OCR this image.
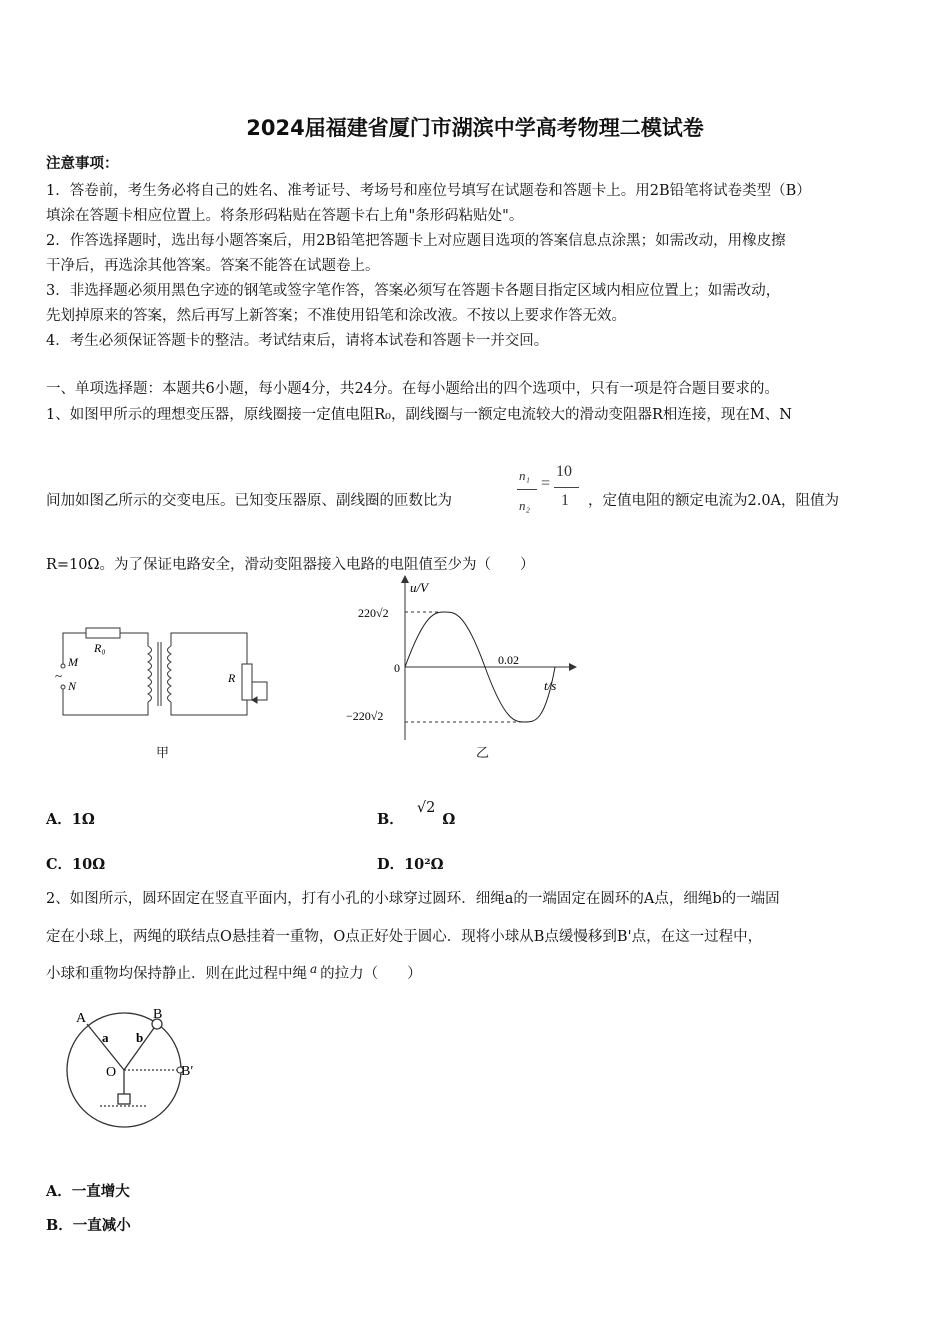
2024届福建省厦门市湖滨中学高考物理二模试卷
注意事项：
1．答卷前，考生务必将自己的姓名、准考证号、考场号和座位号填写在试题卷和答题卡上。用2B铅笔将试卷类型（B）
填涂在答题卡相应位置上。将条形码粘贴在答题卡右上角"条形码粘贴处"。
2．作答选择题时，选出每小题答案后，用2B铅笔把答题卡上对应题目选项的答案信息点涂黑；如需改动，用橡皮擦
干净后，再选涂其他答案。答案不能答在试题卷上。
3．非选择题必须用黑色字迹的钢笔或签字笔作答，答案必须写在答题卡各题目指定区域内相应位置上；如需改动，
先划掉原来的答案，然后再写上新答案；不准使用铅笔和涂改液。不按以上要求作答无效。
4．考生必须保证答题卡的整洁。考试结束后，请将本试卷和答题卡一并交回。
一、单项选择题：本题共6小题，每小题4分，共24分。在每小题给出的四个选项中，只有一项是符合题目要求的。
1、如图甲所示的理想变压器，原线圈接一定值电阻R₀，副线圈与一额定电流较大的滑动变阻器R相连接，现在M、N
间加如图乙所示的交变电压。已知变压器原、副线圈的匝数比为
n₁
n₂
=
10
1 ，定值电阻的额定电流为2.0A，阻值为
R=10Ω。为了保证电路安全，滑动变阻器接入电路的电阻值至少为（　　）
R₀
M
N
~	R
甲
u/V
t/s
220√2
−220√2
0
0.02
乙
A．1Ω	B． √2 Ω
C．10Ω	D．10²Ω
2、如图所示，圆环固定在竖直平面内，打有小孔的小球穿过圆环．细绳a的一端固定在圆环的A点，细绳b的一端固
定在小球上，两绳的联结点O悬挂着一重物，O点正好处于圆心．现将小球从B点缓慢移到B'点，在这一过程中，
小球和重物均保持静止．则在此过程中绳 $^a$ 的拉力（　　）
A	B
B′
O
a b
A．一直增大
B．一直减小
